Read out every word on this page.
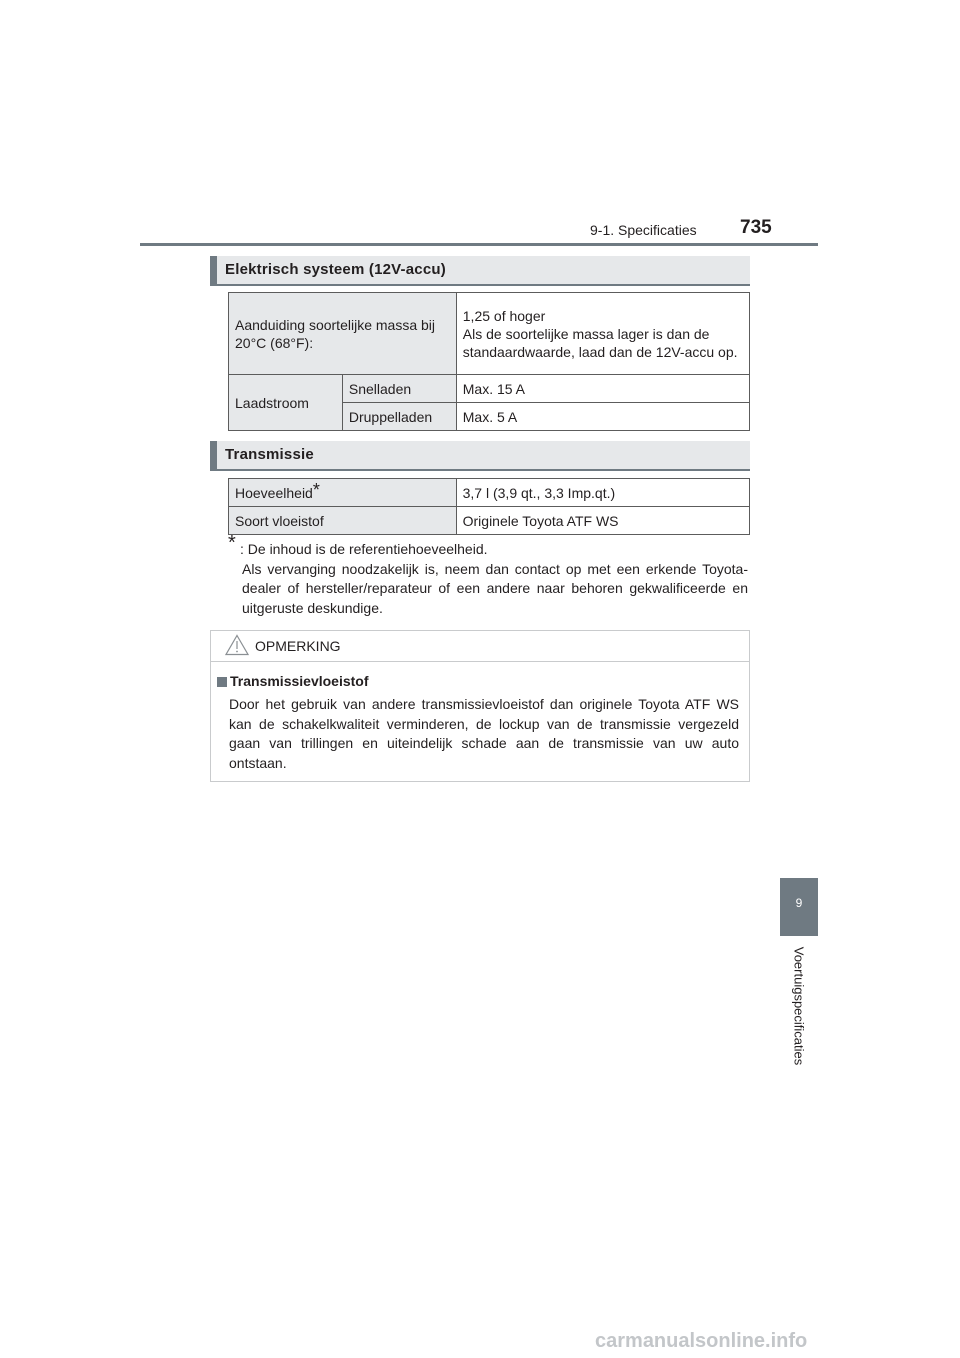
9-1. Specificaties 735
9
Voertuigspecificaties
Elektrisch systeem (12V-accu)
Aanduiding soortelijke massa bij 20°C (68°F):		1,25 of hoger
Als de soortelijke massa lager is dan de standaardwaarde, laad dan de 12V-accu op.

Laadstroom	Snelladen	Max. 15 A
	Druppelladen	Max. 5 A
Transmissie
Hoeveelheid*	3,7 l (3,9 qt., 3,3 Imp.qt.)
Soort vloeistof	Originele Toyota ATF WS
* : De inhoud is de referentiehoeveelheid.
Als vervanging noodzakelijk is, neem dan contact op met een erkende Toyota-dealer of hersteller/reparateur of een andere naar behoren gekwalificeerde en uitgeruste deskundige.
OPMERKING
Transmissievloeistof
Door het gebruik van andere transmissievloeistof dan originele Toyota ATF WS kan de schakelkwaliteit verminderen, de lockup van de transmissie vergezeld gaan van trillingen en uiteindelijk schade aan de transmissie van uw auto ontstaan.
carmanualsonline.info
